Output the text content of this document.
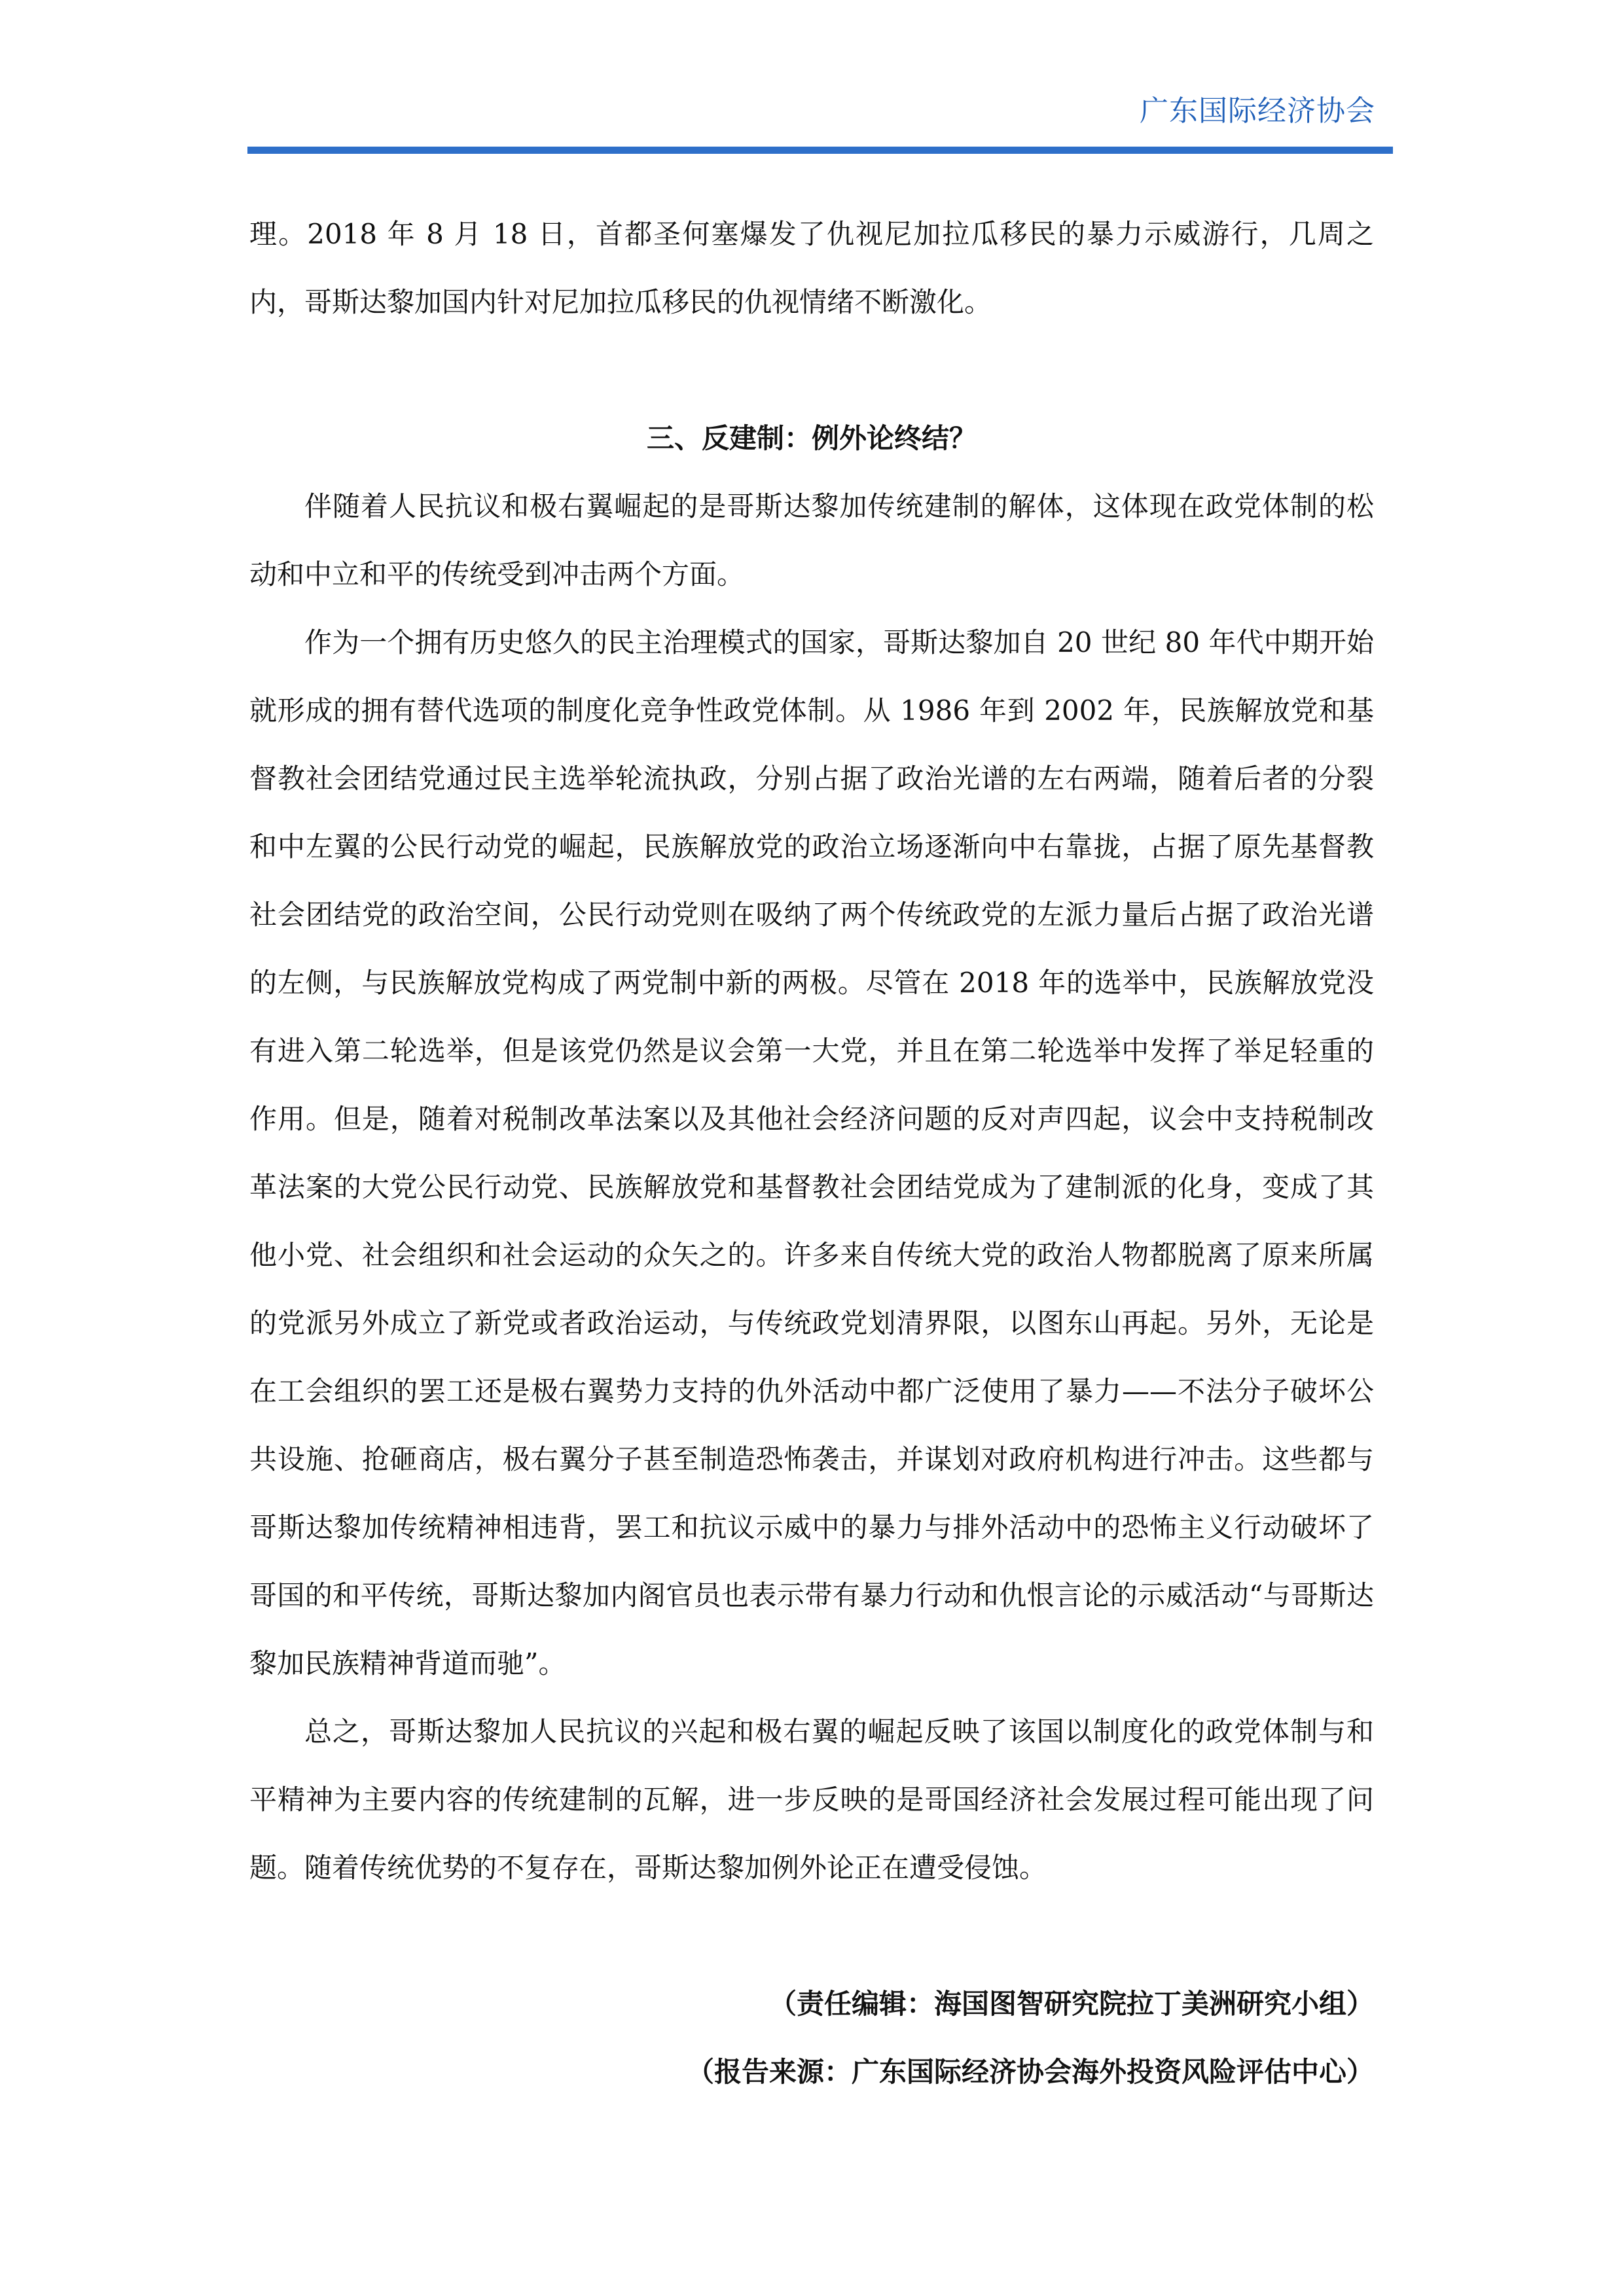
广东国际经济协会

理。2018 年 8 月 18 日，首都圣何塞爆发了仇视尼加拉瓜移民的暴力示威游行，几周之内，哥斯达黎加国内针对尼加拉瓜移民的仇视情绪不断激化。

三、反建制：例外论终结？

伴随着人民抗议和极右翼崛起的是哥斯达黎加传统建制的解体，这体现在政党体制的松动和中立和平的传统受到冲击两个方面。

作为一个拥有历史悠久的民主治理模式的国家，哥斯达黎加自 20 世纪 80 年代中期开始就形成的拥有替代选项的制度化竞争性政党体制。从 1986 年到 2002 年，民族解放党和基督教社会团结党通过民主选举轮流执政，分别占据了政治光谱的左右两端，随着后者的分裂和中左翼的公民行动党的崛起，民族解放党的政治立场逐渐向中右靠拢，占据了原先基督教社会团结党的政治空间，公民行动党则在吸纳了两个传统政党的左派力量后占据了政治光谱的左侧，与民族解放党构成了两党制中新的两极。尽管在 2018 年的选举中，民族解放党没有进入第二轮选举，但是该党仍然是议会第一大党，并且在第二轮选举中发挥了举足轻重的作用。但是，随着对税制改革法案以及其他社会经济问题的反对声四起，议会中支持税制改革法案的大党公民行动党、民族解放党和基督教社会团结党成为了建制派的化身，变成了其他小党、社会组织和社会运动的众矢之的。许多来自传统大党的政治人物都脱离了原来所属的党派另外成立了新党或者政治运动，与传统政党划清界限，以图东山再起。另外，无论是在工会组织的罢工还是极右翼势力支持的仇外活动中都广泛使用了暴力——不法分子破坏公共设施、抢砸商店，极右翼分子甚至制造恐怖袭击，并谋划对政府机构进行冲击。这些都与哥斯达黎加传统精神相违背，罢工和抗议示威中的暴力与排外活动中的恐怖主义行动破坏了哥国的和平传统，哥斯达黎加内阁官员也表示带有暴力行动和仇恨言论的示威活动“与哥斯达黎加民族精神背道而驰”。

总之，哥斯达黎加人民抗议的兴起和极右翼的崛起反映了该国以制度化的政党体制与和平精神为主要内容的传统建制的瓦解，进一步反映的是哥国经济社会发展过程可能出现了问题。随着传统优势的不复存在，哥斯达黎加例外论正在遭受侵蚀。

（责任编辑：海国图智研究院拉丁美洲研究小组）

（报告来源：广东国际经济协会海外投资风险评估中心）
